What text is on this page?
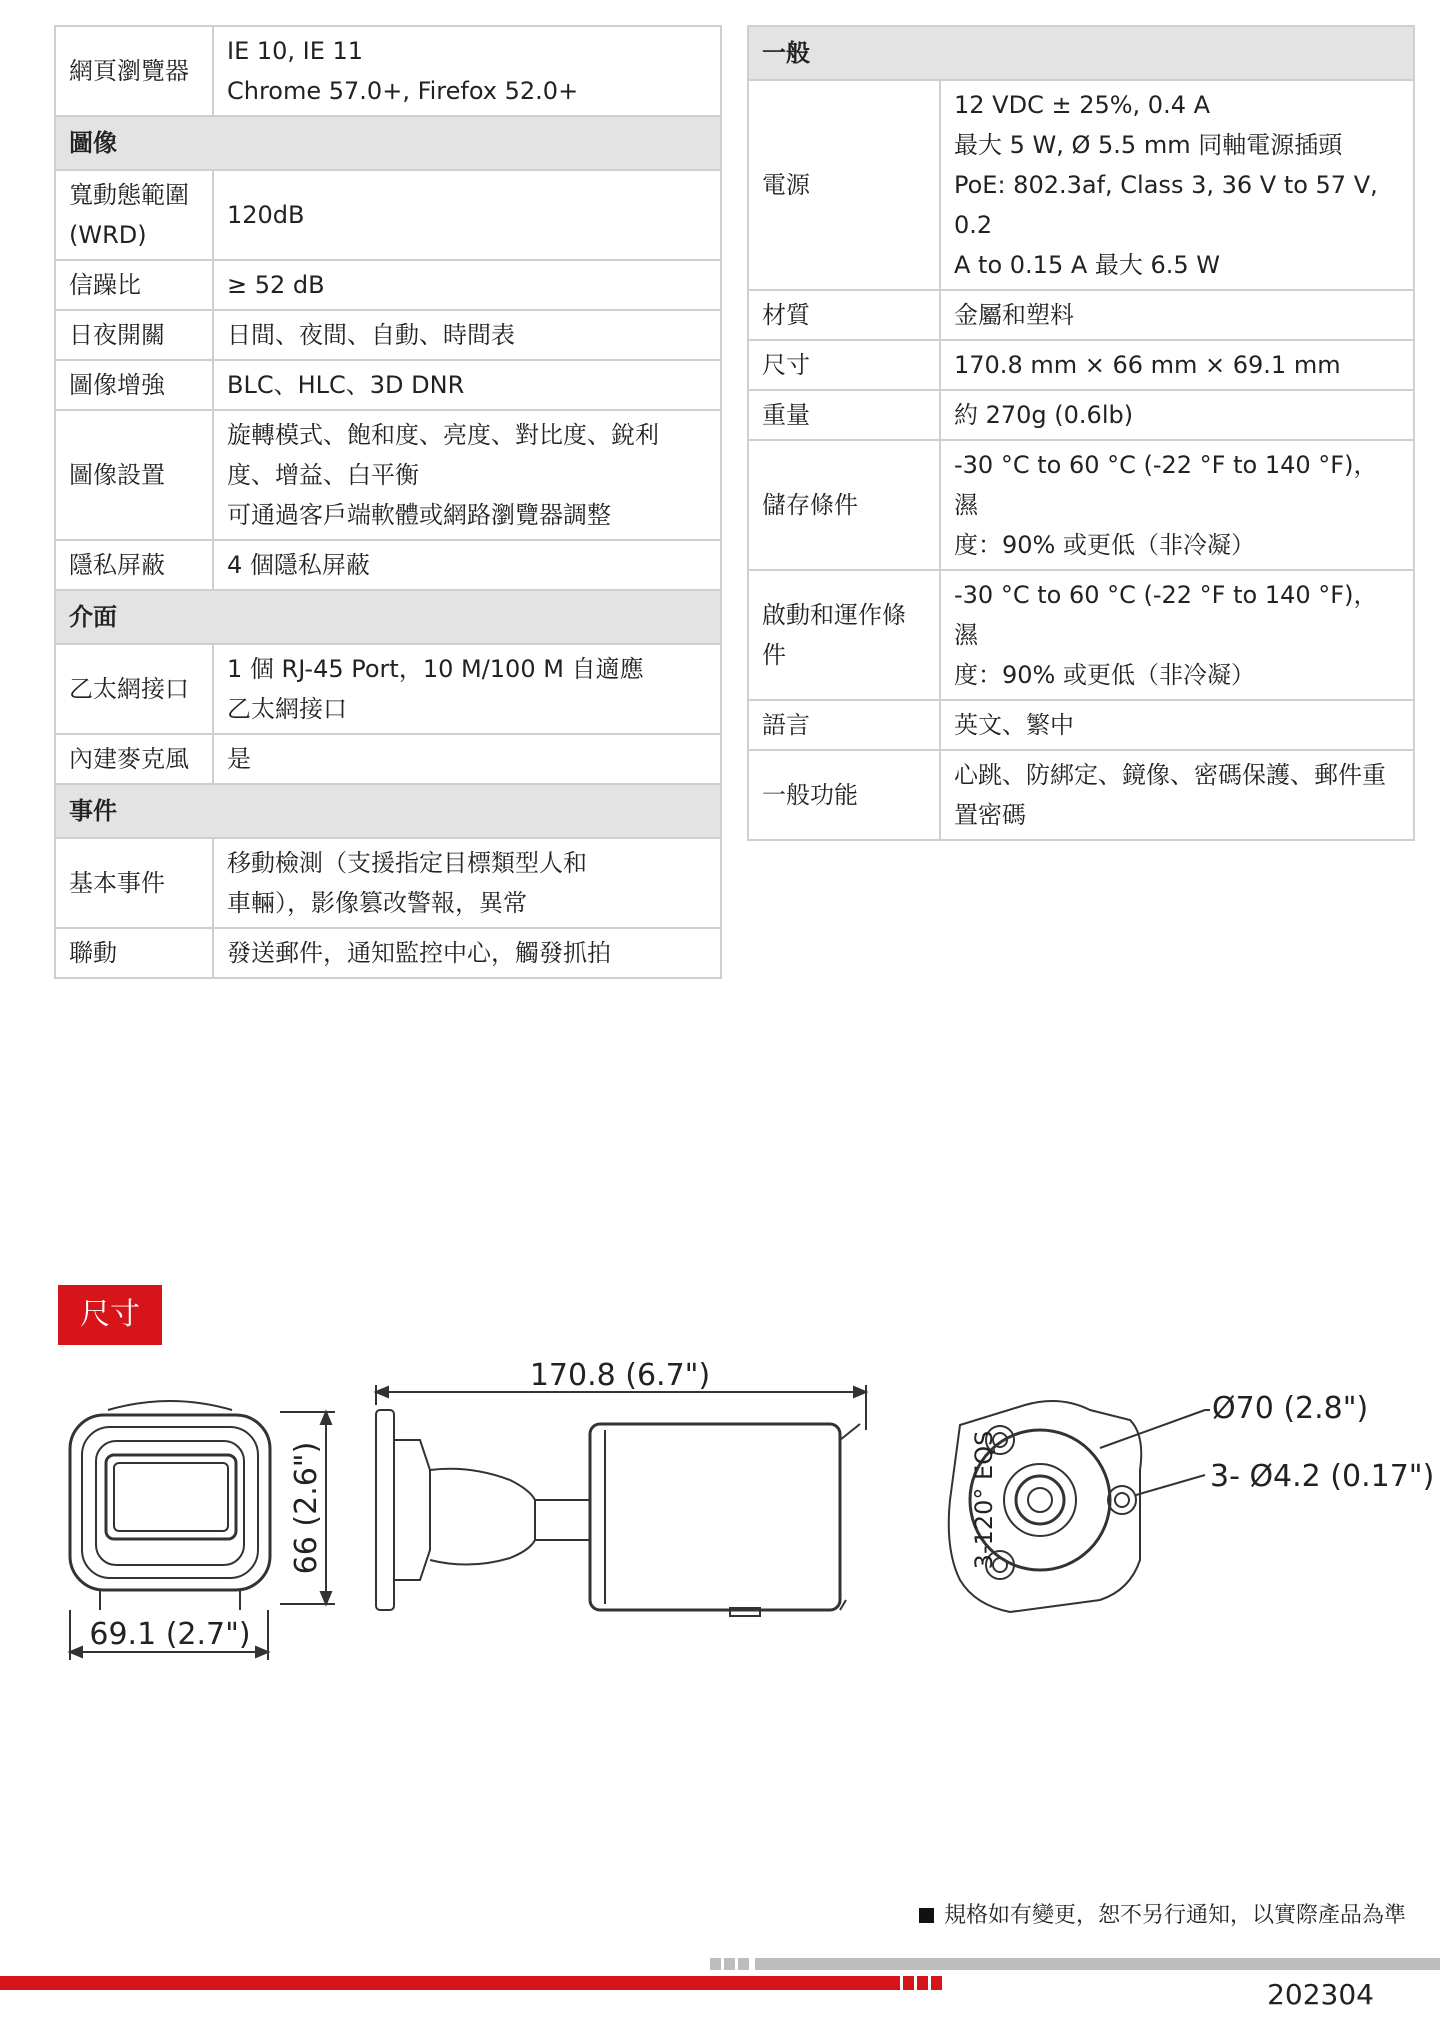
網頁瀏覽器	IE 10, IE 11
Chrome 57.0+, Firefox 52.0+

圖像	

寬動態範圍
(WRD)	120dB

信躁比	≥ 52 dB

日夜開關	日間、夜間、自動、時間表

圖像增強	BLC、HLC、3D DNR

圖像設置	旋轉模式、飽和度、亮度、對比度、銳利
度、增益、白平衡
可通過客戶端軟體或網路瀏覽器調整

隱私屏蔽	4 個隱私屏蔽

介面	

乙太網接口	1 個 RJ-45 Port，10 M/100 M 自適應
乙太網接口

內建麥克風	是

事件	

基本事件	移動檢測（支援指定目標類型人和
車輛），影像篡改警報，異常

聯動	發送郵件，通知監控中心，觸發抓拍
一般	

電源	12 VDC ± 25%, 0.4 A
最大 5 W, Ø 5.5 mm 同軸電源插頭
PoE: 802.3af, Class 3, 36 V to 57 V, 0.2
A to 0.15 A 最大 6.5 W

材質	金屬和塑料

尺寸	170.8 mm × 66 mm × 69.1 mm

重量	約 270g (0.6lb)

儲存條件	-30 °C to 60 °C (-22 °F to 140 °F)，濕
度：90% 或更低（非冷凝）

啟動和運作條
件	-30 °C to 60 °C (-22 °F to 140 °F)，濕
度：90% 或更低（非冷凝）

語言	英文、繁中

一般功能	心跳、防綁定、鏡像、密碼保護、郵件重
置密碼
尺寸
66 (2.6")
69.1 (2.7")
170.8 (6.7")
3-120° EQS
Ø70 (2.8")
3- Ø4.2 (0.17")
規格如有變更，恕不另行通知，以實際產品為準
202304
